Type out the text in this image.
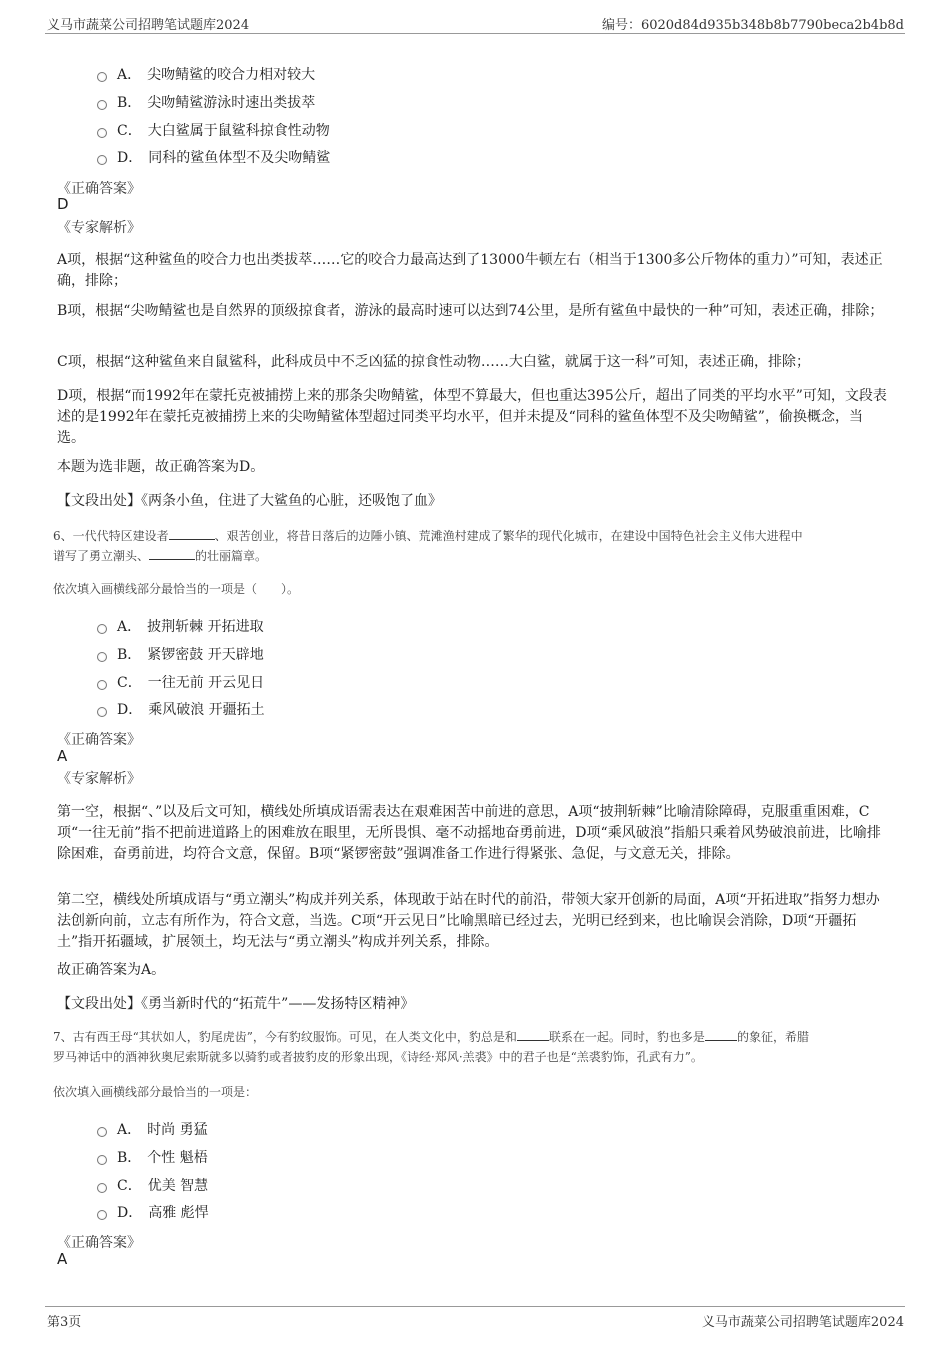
义马市蔬菜公司招聘笔试题库2024	编号：6020d84d935b348b8b7790beca2b4b8d
A． 尖吻鲭鲨的咬合力相对较大
B． 尖吻鲭鲨游泳时速出类拔萃
C． 大白鲨属于鼠鲨科掠食性动物
D． 同科的鲨鱼体型不及尖吻鲭鲨
《正确答案》
D
《专家解析》
A项，根据“这种鲨鱼的咬合力也出类拔萃……它的咬合力最高达到了13000牛顿左右（相当于1300多公斤物体的重力）”可知，表述正确，排除；
B项，根据“尖吻鲭鲨也是自然界的顶级掠食者，游泳的最高时速可以达到74公里，是所有鲨鱼中最快的一种”可知，表述正确，排除；
C项，根据“这种鲨鱼来自鼠鲨科，此科成员中不乏凶猛的掠食性动物……大白鲨，就属于这一科”可知，表述正确，排除；
D项，根据“而1992年在蒙托克被捕捞上来的那条尖吻鲭鲨，体型不算最大，但也重达395公斤，超出了同类的平均水平”可知，文段表述的是1992年在蒙托克被捕捞上来的尖吻鲭鲨体型超过同类平均水平，但并未提及“同科的鲨鱼体型不及尖吻鲭鲨”，偷换概念，当选。
本题为选非题，故正确答案为D。
【文段出处】《两条小鱼，住进了大鲨鱼的心脏，还吸饱了血》
6、一代代特区建设者	、艰苦创业，将昔日落后的边陲小镇、荒滩渔村建成了繁华的现代化城市，在建设中国特色社会主义伟大进程中
谱写了勇立潮头、	的壮丽篇章。
依次填入画横线部分最恰当的一项是（　　）。
A． 披荆斩棘 开拓进取
B． 紧锣密鼓 开天辟地
C． 一往无前 开云见日
D． 乘风破浪 开疆拓土
《正确答案》
A
《专家解析》
第一空，根据“、”以及后文可知，横线处所填成语需表达在艰难困苦中前进的意思，A项“披荆斩棘”比喻清除障碍，克服重重困难，C项“一往无前”指不把前进道路上的困难放在眼里，无所畏惧、毫不动摇地奋勇前进，D项“乘风破浪”指船只乘着风势破浪前进，比喻排除困难，奋勇前进，均符合文意，保留。B项“紧锣密鼓”强调准备工作进行得紧张、急促，与文意无关，排除。
第二空，横线处所填成语与“勇立潮头”构成并列关系，体现敢于站在时代的前沿，带领大家开创新的局面，A项“开拓进取”指努力想办法创新向前，立志有所作为，符合文意，当选。C项“开云见日”比喻黑暗已经过去，光明已经到来，也比喻误会消除，D项“开疆拓土”指开拓疆域，扩展领土，均无法与“勇立潮头”构成并列关系，排除。
故正确答案为A。
【文段出处】《勇当新时代的“拓荒牛”——发扬特区精神》
7、古有西王母“其状如人，豹尾虎齿”，今有豹纹服饰。可见，在人类文化中，豹总是和	联系在一起。同时，豹也多是	的象征，希腊
罗马神话中的酒神狄奥尼索斯就多以骑豹或者披豹皮的形象出现，《诗经·郑风·羔裘》中的君子也是“羔裘豹饰，孔武有力”。
依次填入画横线部分最恰当的一项是：
A． 时尚 勇猛
B． 个性 魁梧
C． 优美 智慧
D． 高雅 彪悍
《正确答案》
A
第3页	义马市蔬菜公司招聘笔试题库2024
